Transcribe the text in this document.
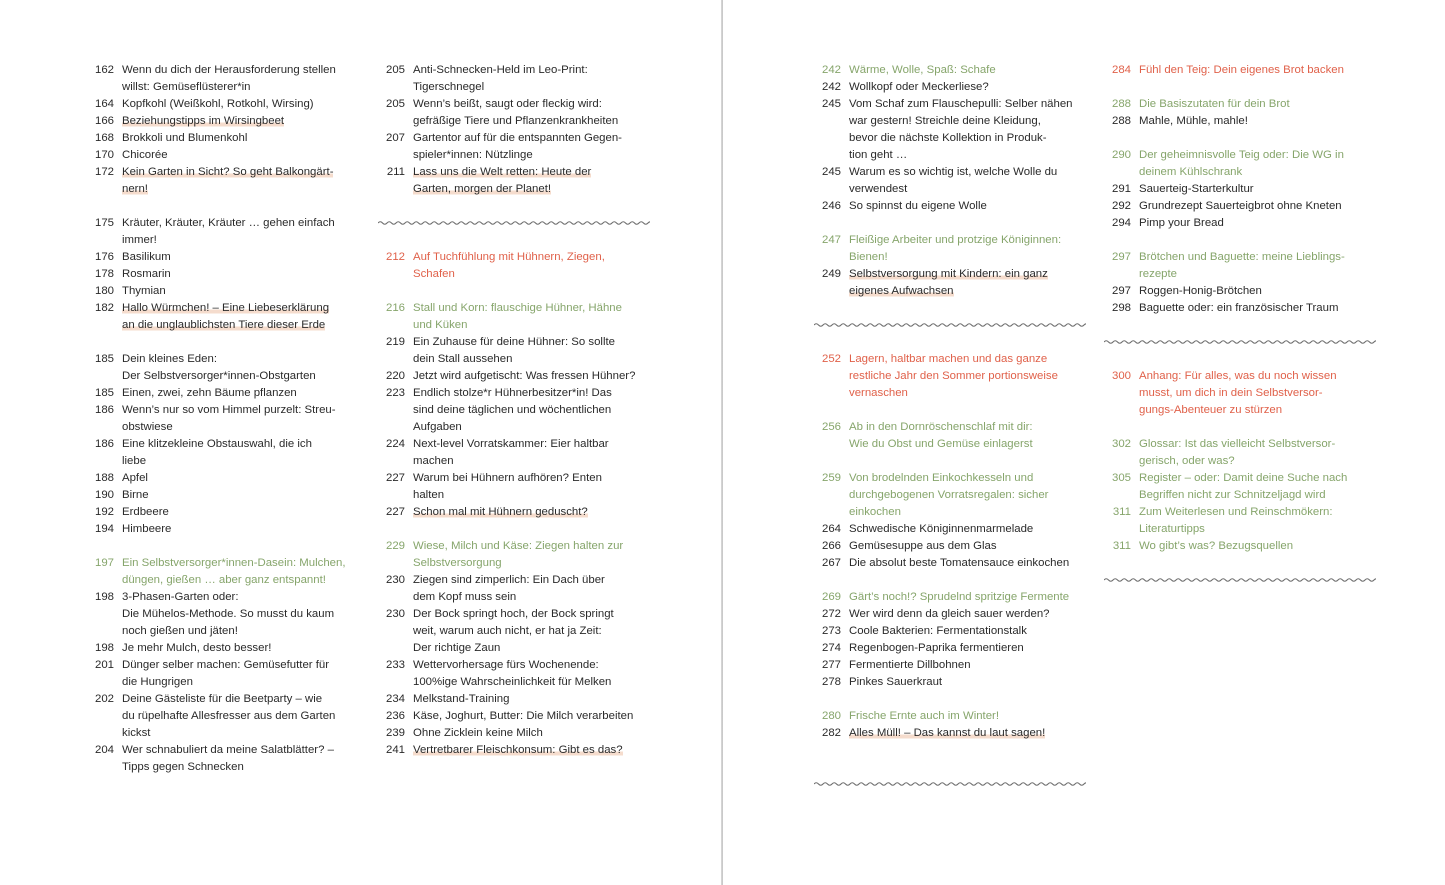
162 Wenn du dich der Herausforderung stellen
willst: Gemüseflüsterer*in
164 Kopfkohl (Weißkohl, Rotkohl, Wirsing)
166 Beziehungstipps im Wirsingbeet
168 Brokkoli und Blumenkohl
170 Chicorée
172 Kein Garten in Sicht? So geht Balkongärt-
nern!
175 Kräuter, Kräuter, Kräuter … gehen einfach
immer!
176 Basilikum
178 Rosmarin
180 Thymian
182 Hallo Würmchen! – Eine Liebeserklärung
an die unglaublichsten Tiere dieser Erde
185 Dein kleines Eden:
Der Selbstversorger*innen-Obstgarten
185 Einen, zwei, zehn Bäume pflanzen
186 Wenn’s nur so vom Himmel purzelt: Streu-
obstwiese
186 Eine klitzekleine Obstauswahl, die ich
liebe
188 Apfel
190 Birne
192 Erdbeere
194 Himbeere
197 Ein Selbstversorger*innen-Dasein: Mulchen,
düngen, gießen … aber ganz entspannt!
198 3-Phasen-Garten oder:
Die Mühelos-Methode. So musst du kaum
noch gießen und jäten!
198 Je mehr Mulch, desto besser!
201 Dünger selber machen: Gemüsefutter für
die Hungrigen
202 Deine Gästeliste für die Beetparty – wie
du rüpelhafte Allesfresser aus dem Garten
kickst
204 Wer schnabuliert da meine Salatblätter? –
Tipps gegen Schnecken
205 Anti-Schnecken-Held im Leo-Print:
Tigerschnegel
205 Wenn’s beißt, saugt oder fleckig wird:
gefräßige Tiere und Pflanzenkrankheiten
207 Gartentor auf für die entspannten Gegen-
spieler*innen: Nützlinge
211 Lass uns die Welt retten: Heute der
Garten, morgen der Planet!
212 Auf Tuchfühlung mit Hühnern, Ziegen,
Schafen
216 Stall und Korn: flauschige Hühner, Hähne
und Küken
219 Ein Zuhause für deine Hühner: So sollte
dein Stall aussehen
220 Jetzt wird aufgetischt: Was fressen Hühner?
223 Endlich stolze*r Hühnerbesitzer*in! Das
sind deine täglichen und wöchentlichen
Aufgaben
224 Next-level Vorratskammer: Eier haltbar
machen
227 Warum bei Hühnern aufhören? Enten
halten
227 Schon mal mit Hühnern geduscht?
229 Wiese, Milch und Käse: Ziegen halten zur
Selbstversorgung
230 Ziegen sind zimperlich: Ein Dach über
dem Kopf muss sein
230 Der Bock springt hoch, der Bock springt
weit, warum auch nicht, er hat ja Zeit:
Der richtige Zaun
233 Wettervorhersage fürs Wochenende:
100%ige Wahrscheinlichkeit für Melken
234 Melkstand-Training
236 Käse, Joghurt, Butter: Die Milch verarbeiten
239 Ohne Zicklein keine Milch
241 Vertretbarer Fleischkonsum: Gibt es das?
242 Wärme, Wolle, Spaß: Schafe
242 Wollkopf oder Meckerliese?
245 Vom Schaf zum Flauschepulli: Selber nähen
war gestern! Streichle deine Kleidung,
bevor die nächste Kollektion in Produk-
tion geht …
245 Warum es so wichtig ist, welche Wolle du
verwendest
246 So spinnst du eigene Wolle
247 Fleißige Arbeiter und protzige Königinnen:
Bienen!
249 Selbstversorgung mit Kindern: ein ganz
eigenes Aufwachsen
252 Lagern, haltbar machen und das ganze
restliche Jahr den Sommer portionsweise
vernaschen
256 Ab in den Dornröschenschlaf mit dir:
Wie du Obst und Gemüse einlagerst
259 Von brodelnden Einkochkesseln und
durchgebogenen Vorratsregalen: sicher
einkochen
264 Schwedische Königinnenmarmelade
266 Gemüsesuppe aus dem Glas
267 Die absolut beste Tomatensauce einkochen
269 Gärt’s noch!? Sprudelnd spritzige Fermente
272 Wer wird denn da gleich sauer werden?
273 Coole Bakterien: Fermentationstalk
274 Regenbogen-Paprika fermentieren
277 Fermentierte Dillbohnen
278 Pinkes Sauerkraut
280 Frische Ernte auch im Winter!
282 Alles Müll! – Das kannst du laut sagen!
284 Fühl den Teig: Dein eigenes Brot backen
288 Die Basiszutaten für dein Brot
288 Mahle, Mühle, mahle!
290 Der geheimnisvolle Teig oder: Die WG in
deinem Kühlschrank
291 Sauerteig-Starterkultur
292 Grundrezept Sauerteigbrot ohne Kneten
294 Pimp your Bread
297 Brötchen und Baguette: meine Lieblings-
rezepte
297 Roggen-Honig-Brötchen
298 Baguette oder: ein französischer Traum
300 Anhang: Für alles, was du noch wissen
musst, um dich in dein Selbstversor-
gungs-Abenteuer zu stürzen
302 Glossar: Ist das vielleicht Selbstversor-
gerisch, oder was?
305 Register – oder: Damit deine Suche nach
Begriffen nicht zur Schnitzeljagd wird
311 Zum Weiterlesen und Reinschmökern:
Literaturtipps
311 Wo gibt’s was? Bezugsquellen
